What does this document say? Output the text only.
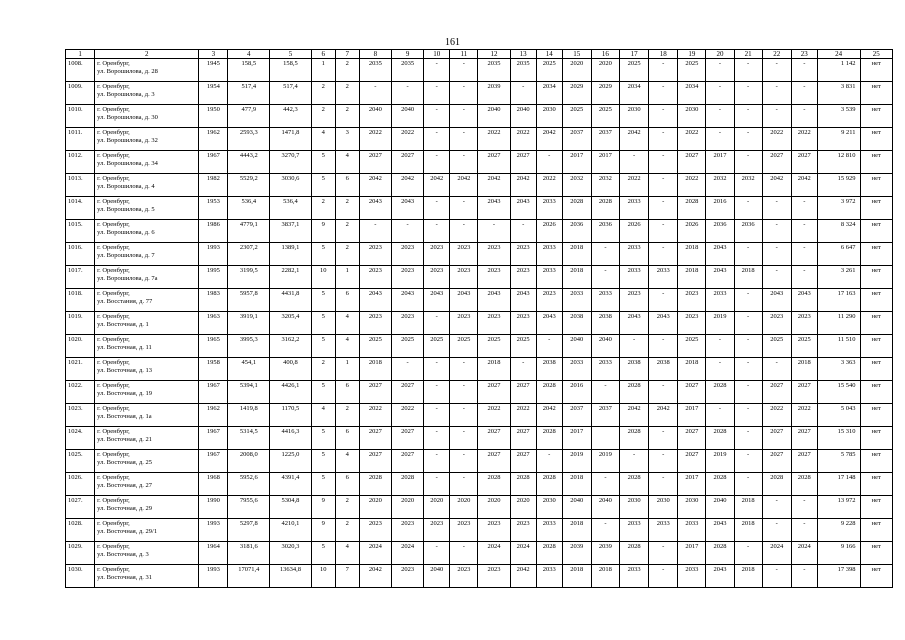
161
1	2	3	4	5	6	7	8	9	10	11	12	13	14	15	16	17	18	19	20	21	22	23	24	25
1008.	г. Оренбург,
ул. Ворошилова, д. 28	1945	158,5	158,5	1	2	2035	2035	-	-	2035	2035	2025	2020	2020	2025	-	2025	-	-	-	-	1 142	нет
1009.	г. Оренбург,
ул. Ворошилова, д. 3	1954	517,4	517,4	2	2	-	-	-	-	2039	-	2034	2029	2029	2034	-	2034	-	-	-	-	3 831	нет
1010.	г. Оренбург,
ул. Ворошилова, д. 30	1950	477,9	442,3	2	2	2040	2040	-	-	2040	2040	2030	2025	2025	2030	-	2030	-	-	-	-	3 539	нет
1011.	г. Оренбург,
ул. Ворошилова, д. 32	1962	2593,3	1471,8	4	3	2022	2022	-	-	2022	2022	2042	2037	2037	2042	-	2022	-	-	2022	2022	9 211	нет
1012.	г. Оренбург,
ул. Ворошилова, д. 34	1967	4443,2	3270,7	5	4	2027	2027	-	-	2027	2027	-	2017	2017	-	-	2027	2017	-	2027	2027	12 810	нет
1013.	г. Оренбург,
ул. Ворошилова, д. 4	1982	5529,2	3030,6	5	6	2042	2042	2042	2042	2042	2042	2022	2032	2032	2022	-	2022	2032	2032	2042	2042	15 929	нет
1014.	г. Оренбург,
ул. Ворошилова, д. 5	1953	536,4	536,4	2	2	2043	2043	-	-	2043	2043	2033	2028	2028	2033	-	2028	2016	-	-	-	3 972	нет
1015.	г. Оренбург,
ул. Ворошилова, д. 6	1986	4779,1	3837,1	9	2	-	-	-	-	-	-	2026	2036	2036	2026	-	2026	2036	2036	-	-	8 324	нет
1016.	г. Оренбург,
ул. Ворошилова, д. 7	1993	2307,2	1389,1	5	2	2023	2023	2023	2023	2023	2023	2033	2018	-	2033	-	2018	2043	-	-	-	6 647	нет
1017.	г. Оренбург,
ул. Ворошилова, д. 7а	1995	3199,5	2282,1	10	1	2023	2023	2023	2023	2023	2023	2033	2018	-	2033	2033	2018	2043	2018	-	-	3 261	нет
1018.	г. Оренбург,
ул. Восстания, д. 77	1983	5957,8	4431,8	5	6	2043	2043	2043	2043	2043	2043	2023	2033	2033	2023	-	2023	2033	-	2043	2043	17 163	нет
1019.	г. Оренбург,
ул. Восточная, д. 1	1963	3919,1	3205,4	5	4	2023	2023	-	2023	2023	2023	2043	2038	2038	2043	2043	2023	2019	-	2023	2023	11 290	нет
1020.	г. Оренбург,
ул. Восточная, д. 11	1965	3995,3	3162,2	5	4	2025	2025	2025	2025	2025	2025	-	2040	2040	-	-	2025	-	-	2025	2025	11 510	нет
1021.	г. Оренбург,
ул. Восточная, д. 13	1958	454,1	400,8	2	1	2018	-	-	-	2018	-	2038	2033	2033	2038	2038	2018	-	-	-	2018	3 363	нет
1022.	г. Оренбург,
ул. Восточная, д. 19	1967	5394,1	4426,1	5	6	2027	2027	-	-	2027	2027	2028	2016	-	2028	-	2027	2028	-	2027	2027	15 540	нет
1023.	г. Оренбург,
ул. Восточная, д. 1а	1962	1419,8	1170,5	4	2	2022	2022	-	-	2022	2022	2042	2037	2037	2042	2042	2017	-	-	2022	2022	5 043	нет
1024.	г. Оренбург,
ул. Восточная, д. 21	1967	5314,5	4416,3	5	6	2027	2027	-	-	2027	2027	2028	2017		2028	-	2027	2028	-	2027	2027	15 310	нет
1025.	г. Оренбург,
ул. Восточная, д. 25	1967	2008,0	1225,0	5	4	2027	2027	-	-	2027	2027	-	2019	2019	-	-	2027	2019	-	2027	2027	5 785	нет
1026.	г. Оренбург,
ул. Восточная, д. 27	1968	5952,6	4391,4	5	6	2028	2028	-	-	2028	2028	2028	2018	-	2028	-	2017	2028	-	2028	2028	17 148	нет
1027.	г. Оренбург,
ул. Восточная, д. 29	1990	7955,6	5304,8	9	2	2020	2020	2020	2020	2020	2020	2030	2040	2040	2030	2030	2030	2040	2018	-	-	13 972	нет
1028.	г. Оренбург,
ул. Восточная, д. 29/1	1993	5297,8	4210,1	9	2	2023	2023	2023	2023	2023	2023	2033	2018	-	2033	2033	2033	2043	2018	-	-	9 228	нет
1029.	г. Оренбург,
ул. Восточная, д. 3	1964	3181,6	3020,3	5	4	2024	2024	-	-	2024	2024	2028	2039	2039	2028	-	2017	2028	-	2024	2024	9 166	нет
1030.	г. Оренбург,
ул. Восточная, д. 31	1993	17071,4	13634,8	10	7	2042	2023	2040	2023	2023	2042	2033	2018	2018	2033	-	2033	2043	2018	-	-	17 398	нет
